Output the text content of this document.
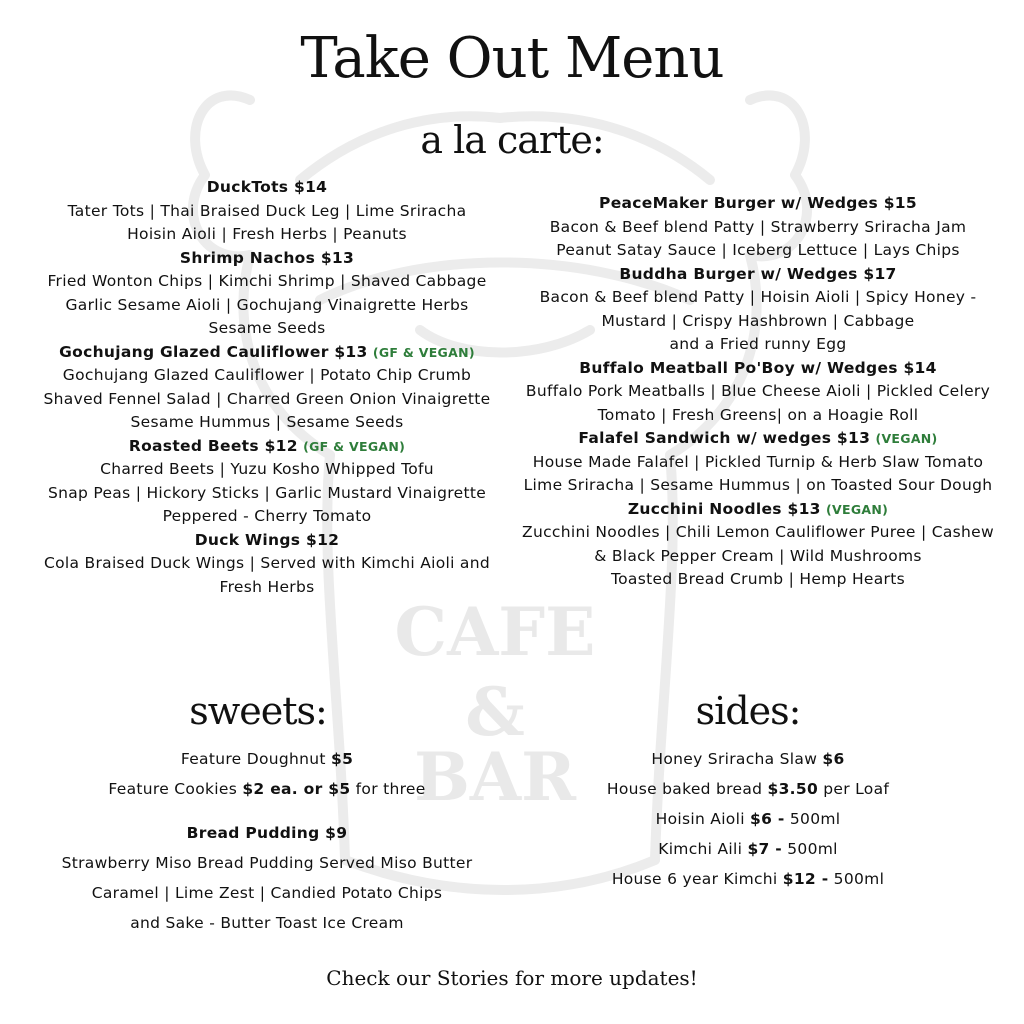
CAFE
&
BAR
Take Out Menu
a la carte:
DuckTots $14
Tater Tots | Thai Braised Duck Leg | Lime Sriracha
Hoisin Aioli | Fresh Herbs | Peanuts
Shrimp Nachos $13
Fried Wonton Chips | Kimchi Shrimp | Shaved Cabbage
Garlic Sesame Aioli | Gochujang Vinaigrette Herbs
Sesame Seeds
Gochujang Glazed Cauliflower $13 (GF & VEGAN)
Gochujang Glazed Cauliflower | Potato Chip Crumb
Shaved Fennel Salad | Charred Green Onion Vinaigrette
Sesame Hummus | Sesame Seeds
Roasted Beets $12 (GF & VEGAN)
Charred Beets | Yuzu Kosho Whipped Tofu
Snap Peas | Hickory Sticks | Garlic Mustard Vinaigrette
Peppered - Cherry Tomato
Duck Wings $12
Cola Braised Duck Wings | Served with Kimchi Aioli and
Fresh Herbs
PeaceMaker Burger w/ Wedges $15
Bacon & Beef blend Patty | Strawberry Sriracha Jam
Peanut Satay Sauce | Iceberg Lettuce | Lays Chips
Buddha Burger w/ Wedges $17
Bacon & Beef blend Patty | Hoisin Aioli | Spicy Honey -
Mustard | Crispy Hashbrown | Cabbage
and a Fried runny Egg
Buffalo Meatball Po'Boy w/ Wedges $14
Buffalo Pork Meatballs | Blue Cheese Aioli | Pickled Celery
Tomato | Fresh Greens| on a Hoagie Roll
Falafel Sandwich w/ wedges $13 (VEGAN)
House Made Falafel | Pickled Turnip & Herb Slaw Tomato
Lime Sriracha | Sesame Hummus | on Toasted Sour Dough
Zucchini Noodles $13 (VEGAN)
Zucchini Noodles | Chili Lemon Cauliflower Puree | Cashew
& Black Pepper Cream | Wild Mushrooms
Toasted Bread Crumb | Hemp Hearts
sweets:	sides:
Feature Doughnut $5
Feature Cookies $2 ea. or $5 for three
Bread Pudding $9
Strawberry Miso Bread Pudding Served Miso Butter
Caramel | Lime Zest | Candied Potato Chips
and Sake - Butter Toast Ice Cream
Honey Sriracha Slaw $6
House baked bread $3.50 per Loaf
Hoisin Aioli $6 - 500ml
Kimchi Aili $7 - 500ml
House 6 year Kimchi $12 - 500ml
Check our Stories for more updates!
